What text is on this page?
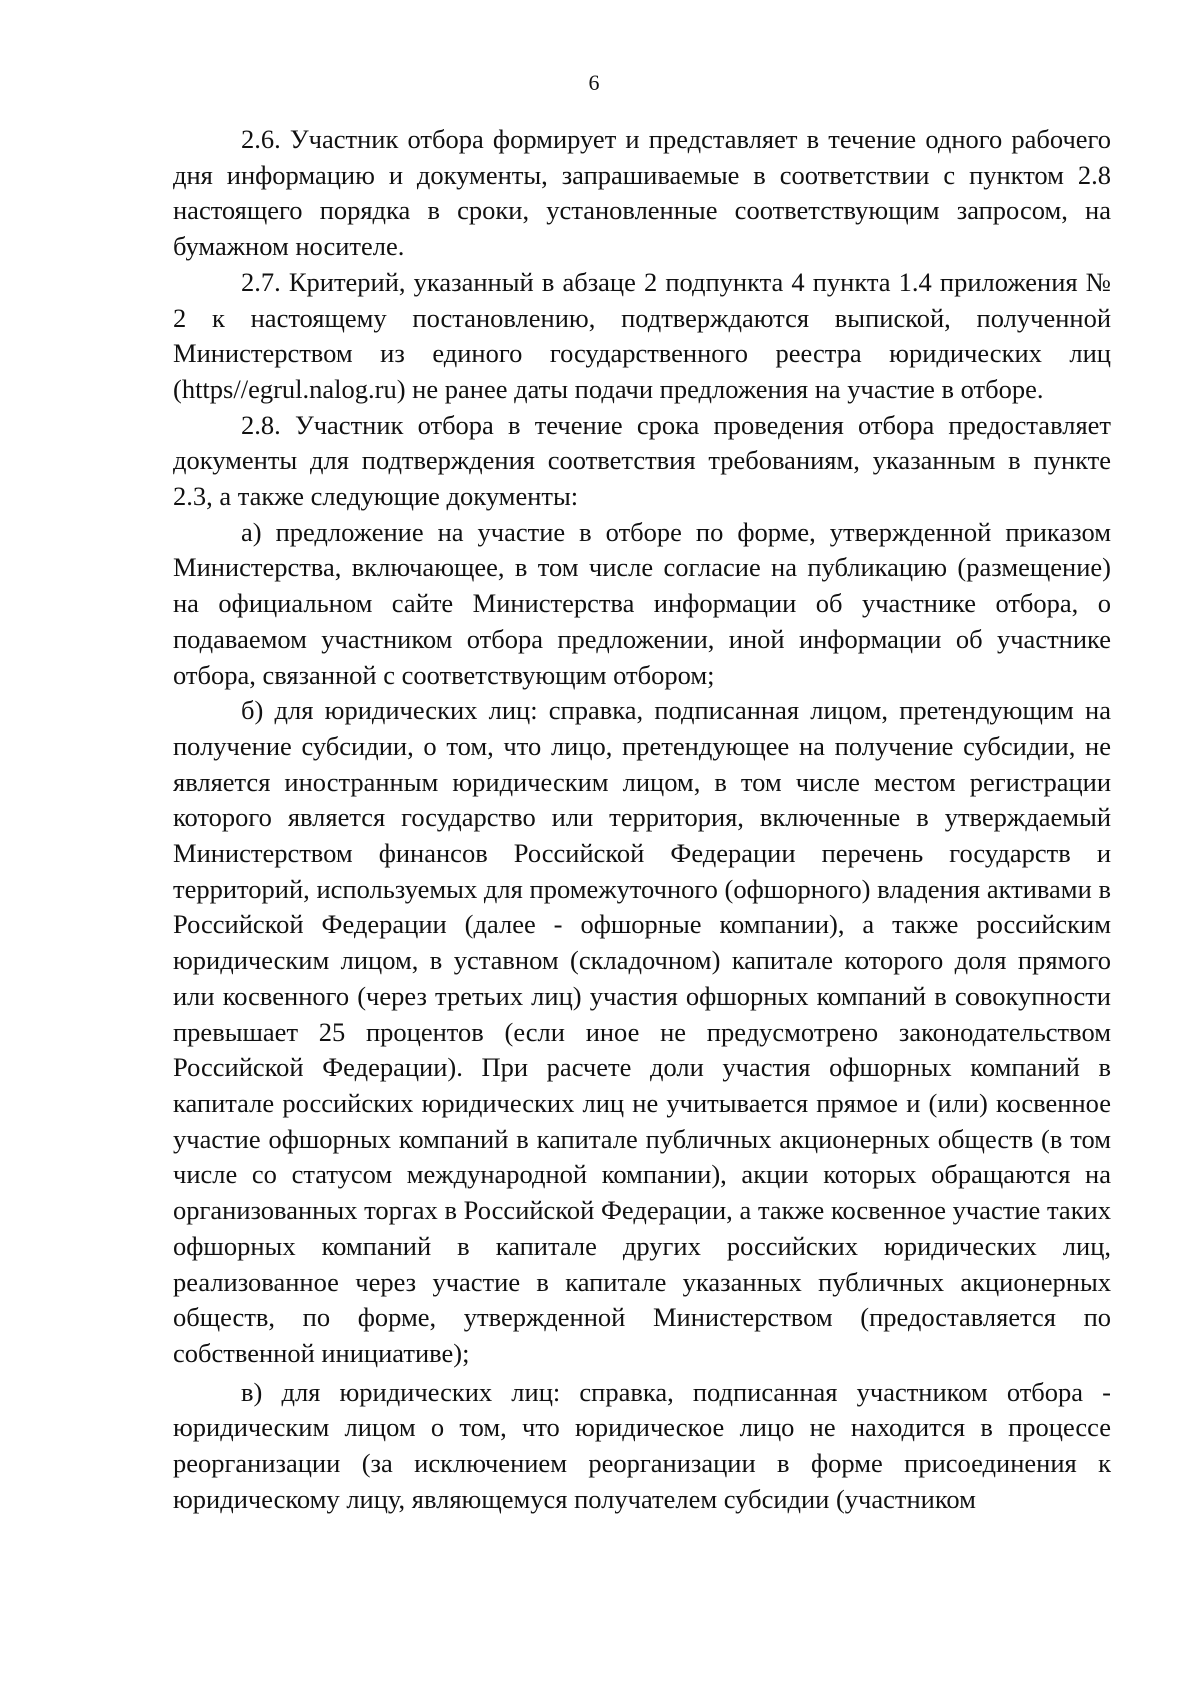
6

2.6. Участник отбора формирует и представляет в течение одного рабочего дня информацию и документы, запрашиваемые в соответствии с пунктом 2.8 настоящего порядка в сроки, установленные соответствующим запросом, на бумажном носителе.

2.7. Критерий, указанный в абзаце 2 подпункта 4 пункта 1.4 приложения № 2 к настоящему постановлению, подтверждаются выпиской, полученной Министерством из единого государственного реестра юридических лиц (https//egrul.nalog.ru) не ранее даты подачи предложения на участие в отборе.

2.8. Участник отбора в течение срока проведения отбора предоставляет документы для подтверждения соответствия требованиям, указанным в пункте 2.3, а также следующие документы:

а) предложение на участие в отборе по форме, утвержденной приказом Министерства, включающее, в том числе согласие на публикацию (размещение) на официальном сайте Министерства информации об участнике отбора, о подаваемом участником отбора предложении, иной информации об участнике отбора, связанной с соответствующим отбором;

б) для юридических лиц: справка, подписанная лицом, претендующим на получение субсидии, о том, что лицо, претендующее на получение субсидии, не является иностранным юридическим лицом, в том числе местом регистрации которого является государство или территория, включенные в утверждаемый Министерством финансов Российской Федерации перечень государств и территорий, используемых для промежуточного (офшорного) владения активами в Российской Федерации (далее - офшорные компании), а также российским юридическим лицом, в уставном (складочном) капитале которого доля прямого или косвенного (через третьих лиц) участия офшорных компаний в совокупности превышает 25 процентов (если иное не предусмотрено законодательством Российской Федерации). При расчете доли участия офшорных компаний в капитале российских юридических лиц не учитывается прямое и (или) косвенное участие офшорных компаний в капитале публичных акционерных обществ (в том числе со статусом международной компании), акции которых обращаются на организованных торгах в Российской Федерации, а также косвенное участие таких офшорных компаний в капитале других российских юридических лиц, реализованное через участие в капитале указанных публичных акционерных обществ, по форме, утвержденной Министерством (предоставляется по собственной инициативе);

в) для юридических лиц: справка, подписанная участником отбора - юридическим лицом о том, что юридическое лицо не находится в процессе реорганизации (за исключением реорганизации в форме присоединения к юридическому лицу, являющемуся получателем субсидии (участником
